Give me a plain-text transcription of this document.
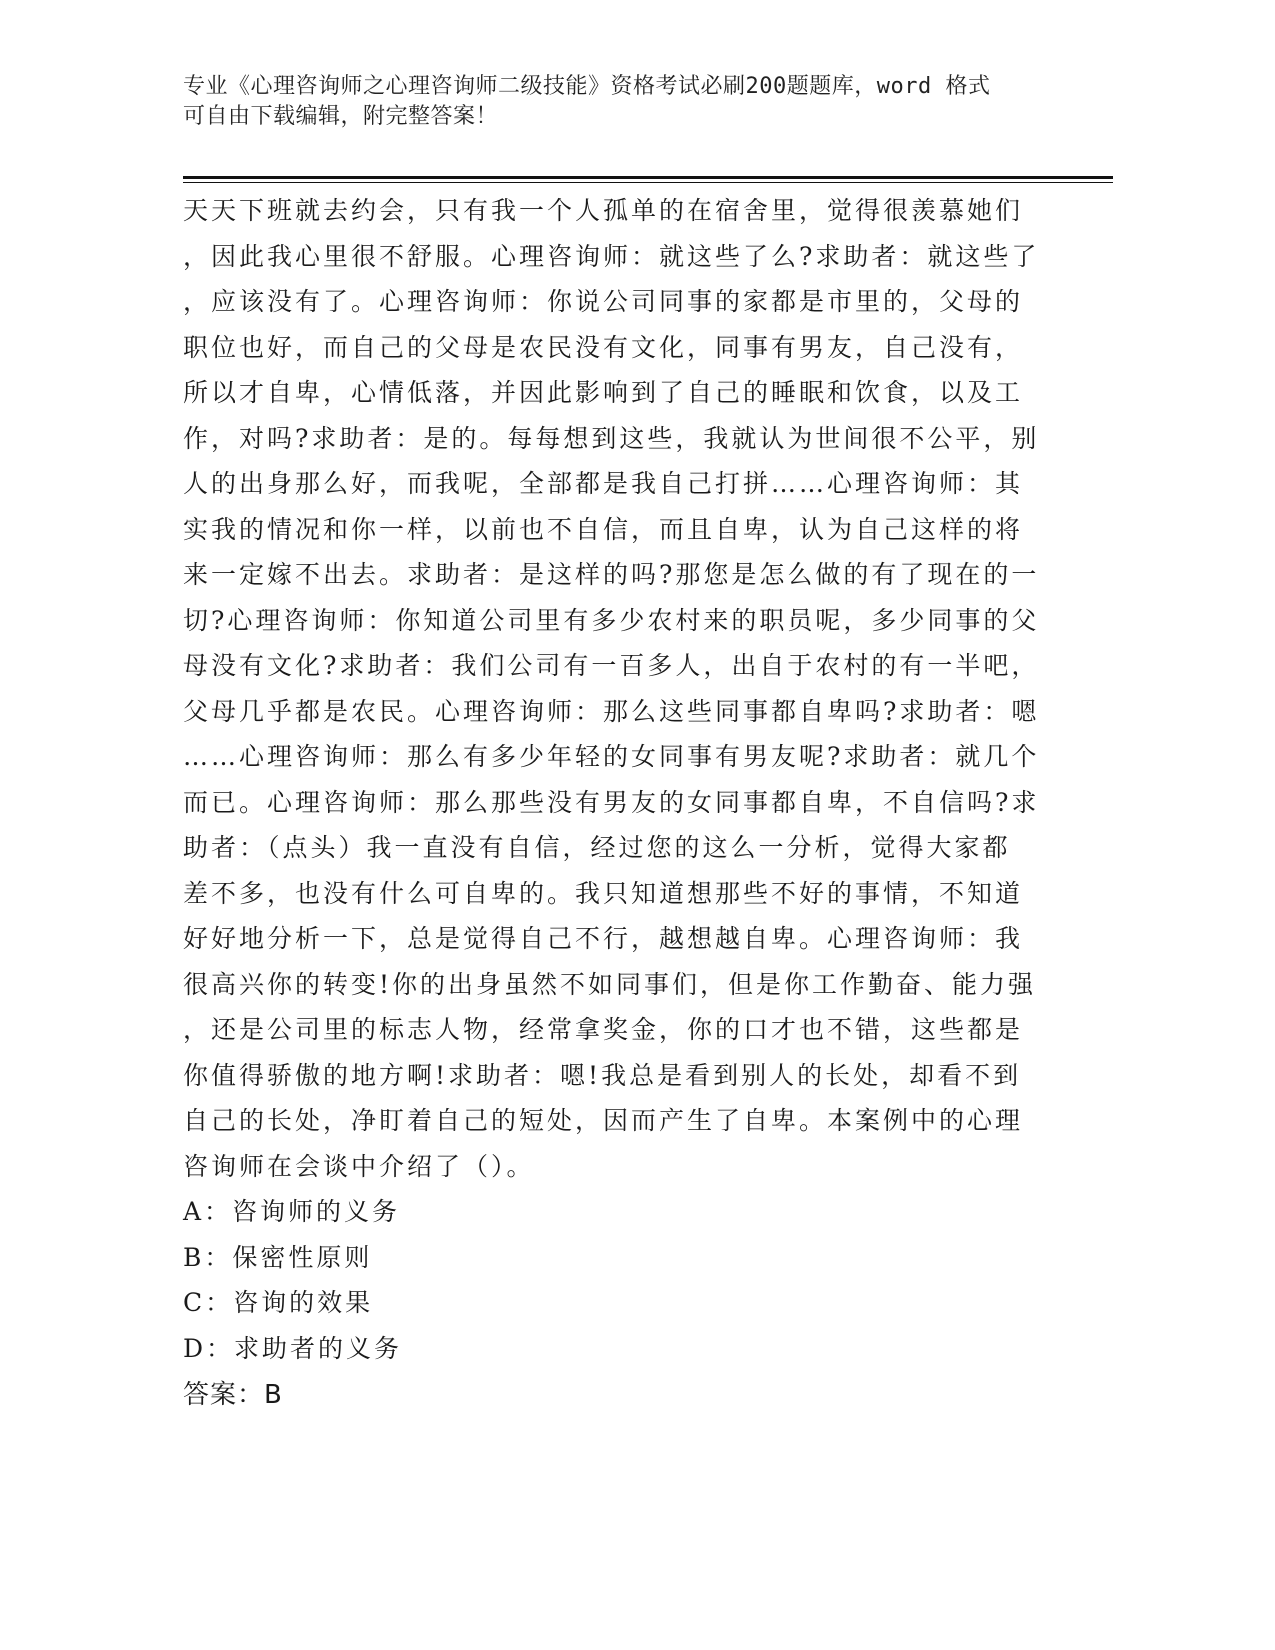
专业《心理咨询师之心理咨询师二级技能》资格考试必刷200题题库，word 格式
可自由下载编辑，附完整答案！
天天下班就去约会，只有我一个人孤单的在宿舍里，觉得很羡慕她们
，因此我心里很不舒服。心理咨询师：就这些了么?求助者：就这些了
，应该没有了。心理咨询师：你说公司同事的家都是市里的，父母的
职位也好，而自己的父母是农民没有文化，同事有男友，自己没有，
所以才自卑，心情低落，并因此影响到了自己的睡眠和饮食，以及工
作，对吗?求助者：是的。每每想到这些，我就认为世间很不公平，别
人的出身那么好，而我呢，全部都是我自己打拼……心理咨询师：其
实我的情况和你一样，以前也不自信，而且自卑，认为自己这样的将
来一定嫁不出去。求助者：是这样的吗?那您是怎么做的有了现在的一
切?心理咨询师：你知道公司里有多少农村来的职员呢，多少同事的父
母没有文化?求助者：我们公司有一百多人，出自于农村的有一半吧，
父母几乎都是农民。心理咨询师：那么这些同事都自卑吗?求助者：嗯
……心理咨询师：那么有多少年轻的女同事有男友呢?求助者：就几个
而已。心理咨询师：那么那些没有男友的女同事都自卑，不自信吗?求
助者：（点头）我一直没有自信，经过您的这么一分析，觉得大家都
差不多，也没有什么可自卑的。我只知道想那些不好的事情，不知道
好好地分析一下，总是觉得自己不行，越想越自卑。心理咨询师：我
很高兴你的转变!你的出身虽然不如同事们，但是你工作勤奋、能力强
，还是公司里的标志人物，经常拿奖金，你的口才也不错，这些都是
你值得骄傲的地方啊!求助者：嗯!我总是看到别人的长处，却看不到
自己的长处，净盯着自己的短处，因而产生了自卑。本案例中的心理
咨询师在会谈中介绍了（）。
A：咨询师的义务
B：保密性原则
C：咨询的效果
D：求助者的义务
答案：B
